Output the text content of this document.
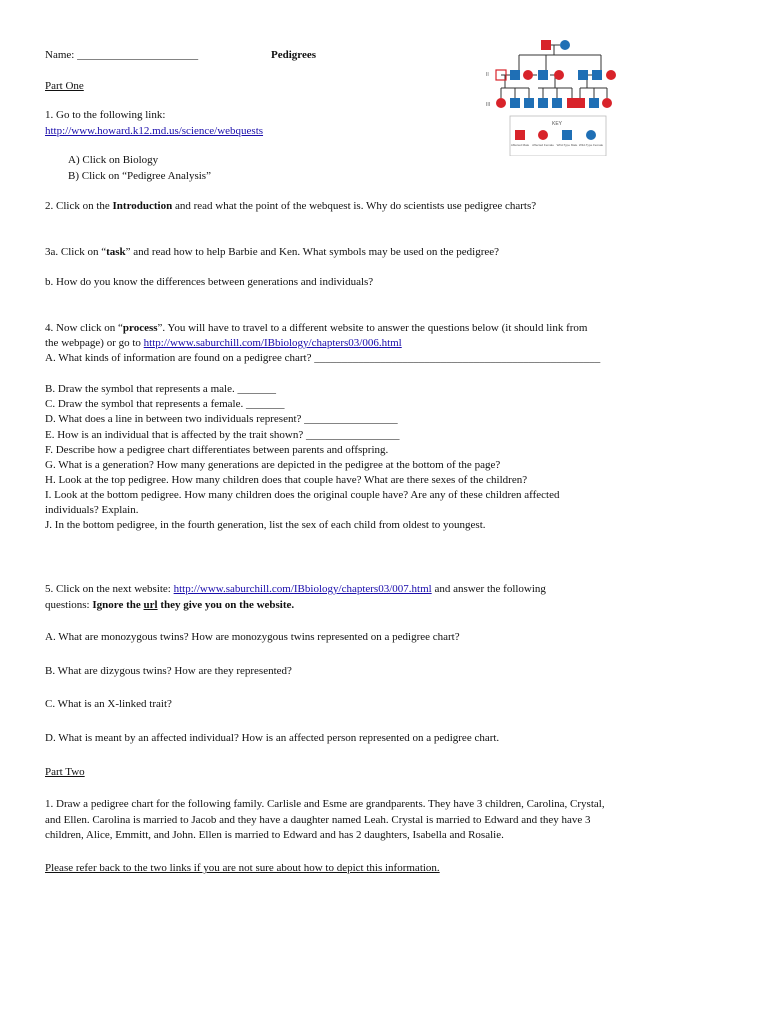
Name: ______________________	Pedigrees
Part One
1. Go to the following link:
http://www.howard.k12.md.us/science/webquests
A) Click on Biology
B) Click on “Pedigree Analysis”
2. Click on the Introduction and read what the point of the webquest is. Why do scientists use pedigree charts?
3a. Click on “task” and read how to help Barbie and Ken. What symbols may be used on the pedigree?
b. How do you know the differences between generations and individuals?
4. Now click on “process”. You will have to travel to a different website to answer the questions below (it should link from
the webpage) or go to http://www.saburchill.com/IBbiology/chapters03/006.html
A. What kinds of information are found on a pedigree chart? ____________________________________________________
B. Draw the symbol that represents a male. _______
C. Draw the symbol that represents a female. _______
D. What does a line in between two individuals represent? _________________
E. How is an individual that is affected by the trait shown? _________________
F. Describe how a pedigree chart differentiates between parents and offspring.
G. What is a generation? How many generations are depicted in the pedigree at the bottom of the page?
H. Look at the top pedigree. How many children does that couple have? What are there sexes of the children?
I. Look at the bottom pedigree. How many children does the original couple have? Are any of these children affected
individuals? Explain.
J. In the bottom pedigree, in the fourth generation, list the sex of each child from oldest to youngest.
5. Click on the next website: http://www.saburchill.com/IBbiology/chapters03/007.html and answer the following
questions: Ignore the url they give you on the website.
A. What are monozygous twins? How are monozygous twins represented on a pedigree chart?
B. What are dizygous twins? How are they represented?
C. What is an X-linked trait?
D. What is meant by an affected individual? How is an affected person represented on a pedigree chart.
Part Two
1. Draw a pedigree chart for the following family. Carlisle and Esme are grandparents. They have 3 children, Carolina, Crystal,
and Ellen. Carolina is married to Jacob and they have a daughter named Leah. Crystal is married to Edward and they have 3
children, Alice, Emmitt, and John. Ellen is married to Edward and has 2 daughters, Isabella and Rosalie.
Please refer back to the two links if you are not sure about how to depict this information.
II
III
KEY
Affected Male Affected Female Wild-Type Male Wild-Type Female
